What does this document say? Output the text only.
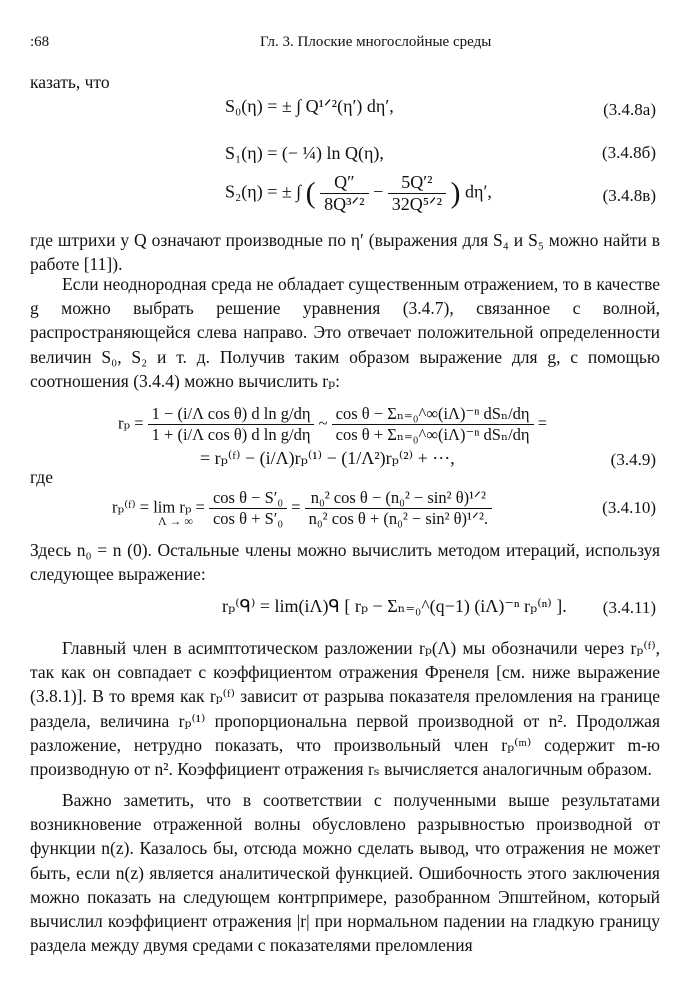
:68	Гл. 3. Плоские многослойные среды
казать, что
S₀(η) = ± ∫ Q¹ᐟ²(η′) dη′,	(3.4.8а)
S₁(η) = (− ¼) ln Q(η),	(3.4.8б)
S₂(η) = ± ∫ ( $\frac{Q''}{\text{8Q³ᐟ²}} - \frac{\text{5Q′²}}{\text{32Q⁵ᐟ²}}$ ) dη′,	(3.4.8в)

где штрихи у Q означают производные по η′ (выражения для S₄ и S₅ можно найти в работе [11]).

Если неоднородная среда не обладает существенным отражением, то в качестве g можно выбрать решение уравнения (3.4.7), связанное с волной, распространяющейся слева направо. Это отвечает положительной определенности величин S₀, S₂ и т. д. Получив таким образом выражение для g, с помощью соотношения (3.4.4) можно вычислить rₚ:

$r_p = \frac{\text{1 − (i/Λ cos θ) d ln g/dη}}{\text{1 + (i/Λ cos θ) d ln g/dη}}$ ~ $\frac{\text{cos θ − Σₙ₌₀\textasciicircum{}∞(iΛ)⁻ⁿ dSₙ/dη}}{\text{cos θ + Σₙ₌₀\textasciicircum{}∞(iΛ)⁻ⁿ dSₙ/dη}}$ =
= rₚ⁽ᶠ⁾ − (i/Λ)rₚ⁽¹⁾ − (1/Λ²)rₚ⁽²⁾ + ···,	(3.4.9)
где
rₚ⁽ᶠ⁾ = $\lim r_p = \frac{\text{cos θ − S′₀}}{\text{cos θ + S′₀}} = \frac{\text{n₀² cos θ − (n₀² − sin² θ)¹ᐟ²}}{\text{n₀² cos θ + (n₀² − sin² θ)¹ᐟ².}}$
Λ → ∞
(3.4.10)

Здесь n₀ = n (0). Остальные члены можно вычислить методом итераций, используя следующее выражение:

rₚ⁽ᑫ⁾ = lim(iΛ)ᑫ [ rₚ − Σₙ₌₀^(q−1) (iΛ)⁻ⁿ rₚ⁽ⁿ⁾ ]. (3.4.11)

Главный член в асимптотическом разложении rₚ(Λ) мы обозначили через rₚ⁽ᶠ⁾, так как он совпадает с коэффициентом отражения Френеля [см. ниже выражение (3.8.1)]. В то время как rₚ⁽ᶠ⁾ зависит от разрыва показателя преломления на границе раздела, величина rₚ⁽¹⁾ пропорциональна первой производной от n². Продолжая разложение, нетрудно показать, что произвольный член rₚ⁽ᵐ⁾ содержит m-ю производную от n². Коэффициент отражения rₛ вычисляется аналогичным образом.

Важно заметить, что в соответствии с полученными выше результатами возникновение отраженной волны обусловлено разрывностью производной от функции n(z). Казалось бы, отсюда можно сделать вывод, что отражения не может быть, если n(z) является аналитической функцией. Ошибочность этого заключения можно показать на следующем контрпримере, разобранном Эпштейном, который вычислил коэффициент отражения |r| при нормальном падении на гладкую границу раздела между двумя средами с показателями преломления
